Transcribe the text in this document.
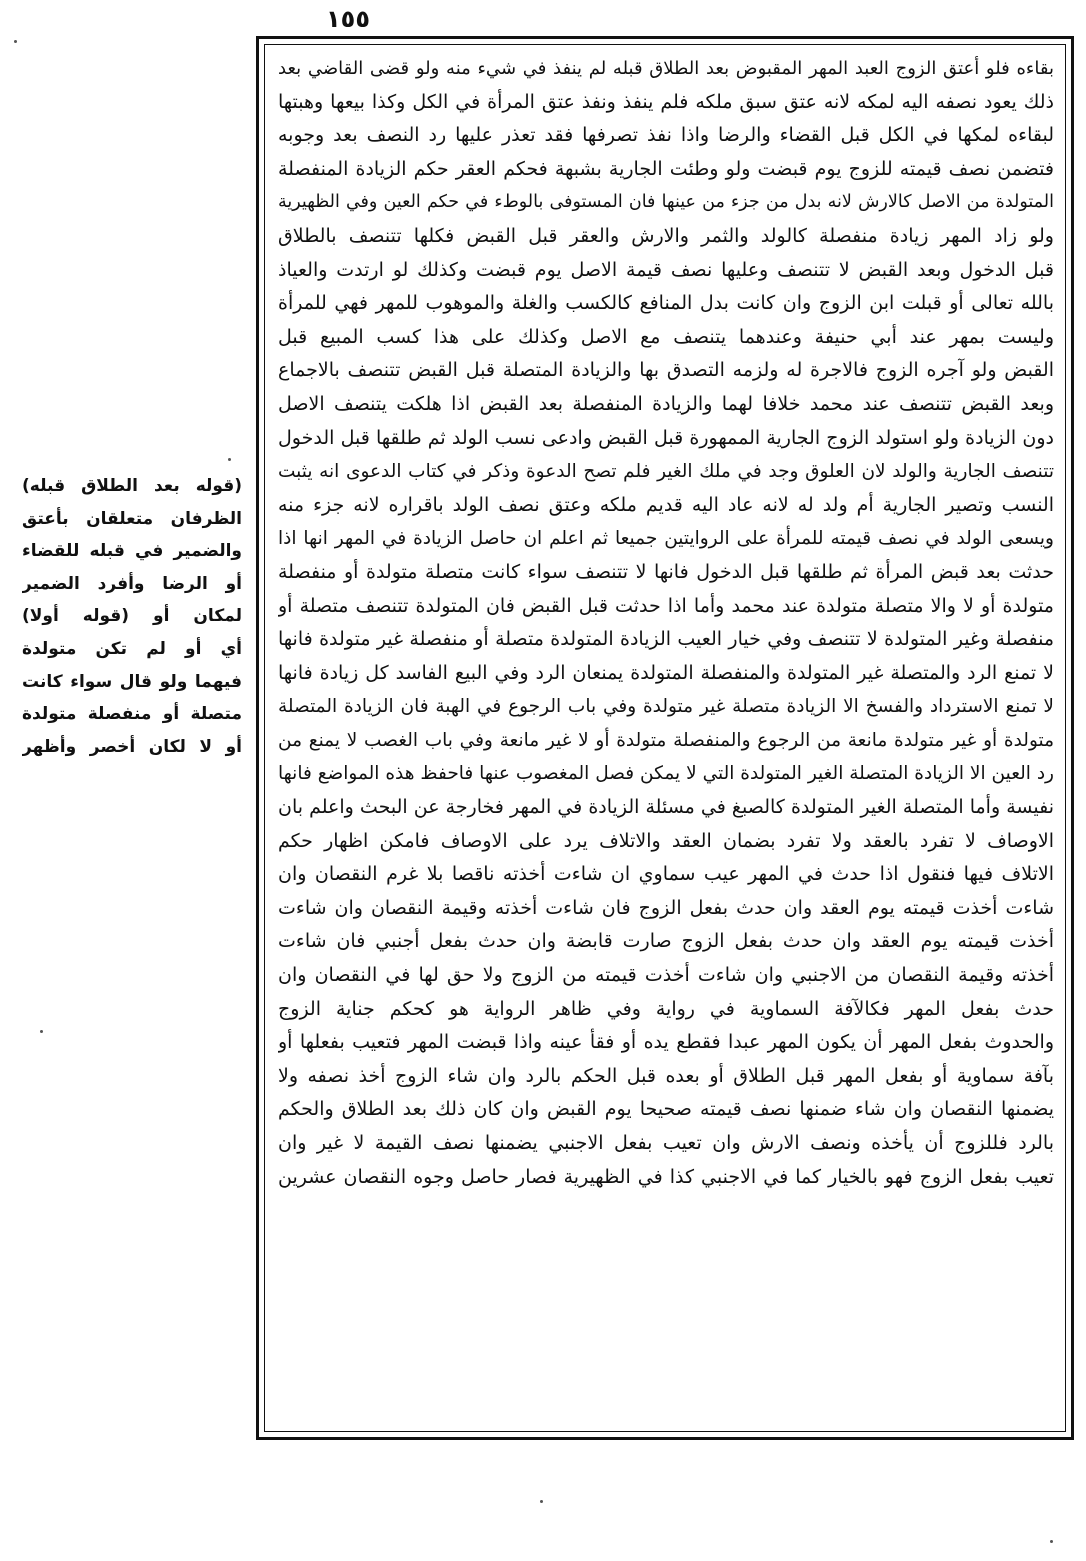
١٥٥
بقاءه فلو أعتق الزوج العبد المهر المقبوض بعد الطلاق قبله لم ينفذ في شيء منه ولو قضى القاضي بعد
ذلك يعود نصفه اليه لمكه لانه عتق سبق ملكه فلم ينفذ ونفذ عتق المرأة في الكل وكذا بيعها وهبتها
لبقاءه لمكها في الكل قبل القضاء والرضا واذا نفذ تصرفها فقد تعذر عليها رد النصف بعد وجوبه
فتضمن نصف قيمته للزوج يوم قبضت ولو وطئت الجارية بشبهة فحكم العقر حكم الزيادة المنفصلة
المتولدة من الاصل كالارش لانه بدل من جزء من عينها فان المستوفى بالوطء في حكم العين وفي الظهيرية
ولو زاد المهر زيادة منفصلة كالولد والثمر والارش والعقر قبل القبض فكلها تتنصف بالطلاق
قبل الدخول وبعد القبض لا تتنصف وعليها نصف قيمة الاصل يوم قبضت وكذلك لو ارتدت والعياذ
بالله تعالى أو قبلت ابن الزوج وان كانت بدل المنافع كالكسب والغلة والموهوب للمهر فهي للمرأة
وليست بمهر عند أبي حنيفة وعندهما يتنصف مع الاصل وكذلك على هذا كسب المبيع قبل
القبض ولو آجره الزوج فالاجرة له ولزمه التصدق بها والزيادة المتصلة قبل القبض تتنصف بالاجماع
وبعد القبض تتنصف عند محمد خلافا لهما والزيادة المنفصلة بعد القبض اذا هلكت يتنصف الاصل
دون الزيادة ولو استولد الزوج الجارية الممهورة قبل القبض وادعى نسب الولد ثم طلقها قبل الدخول
تتنصف الجارية والولد لان العلوق وجد في ملك الغير فلم تصح الدعوة وذكر في كتاب الدعوى انه يثبت
النسب وتصير الجارية أم ولد له لانه عاد اليه قديم ملكه وعتق نصف الولد باقراره لانه جزء منه
ويسعى الولد في نصف قيمته للمرأة على الروايتين جميعا ثم اعلم ان حاصل الزيادة في المهر انها اذا
حدثت بعد قبض المرأة ثم طلقها قبل الدخول فانها لا تتنصف سواء كانت متصلة متولدة أو منفصلة
متولدة أو لا والا متصلة متولدة عند محمد وأما اذا حدثت قبل القبض فان المتولدة تتنصف متصلة أو
منفصلة وغير المتولدة لا تتنصف وفي خيار العيب الزيادة المتولدة متصلة أو منفصلة غير متولدة فانها
لا تمنع الرد والمتصلة غير المتولدة والمنفصلة المتولدة يمنعان الرد وفي البيع الفاسد كل زيادة فانها
لا تمنع الاسترداد والفسخ الا الزيادة متصلة غير متولدة وفي باب الرجوع في الهبة فان الزيادة المتصلة
متولدة أو غير متولدة مانعة من الرجوع والمنفصلة متولدة أو لا غير مانعة وفي باب الغصب لا يمنع من
رد العين الا الزيادة المتصلة الغير المتولدة التي لا يمكن فصل المغصوب عنها فاحفظ هذه المواضع فانها
نفيسة وأما المتصلة الغير المتولدة كالصبغ في مسئلة الزيادة في المهر فخارجة عن البحث واعلم بان
الاوصاف لا تفرد بالعقد ولا تفرد بضمان العقد والاتلاف يرد على الاوصاف فامكن اظهار حكم
الاتلاف فيها فنقول اذا حدث في المهر عيب سماوي ان شاءت أخذته ناقصا بلا غرم النقصان وان
شاءت أخذت قيمته يوم العقد وان حدث بفعل الزوج فان شاءت أخذته وقيمة النقصان وان شاءت
أخذت قيمته يوم العقد وان حدث بفعل الزوج صارت قابضة وان حدث بفعل أجنبي فان شاءت
أخذته وقيمة النقصان من الاجنبي وان شاءت أخذت قيمته من الزوج ولا حق لها في النقصان وان
حدث بفعل المهر فكالآفة السماوية في رواية وفي ظاهر الرواية هو كحكم جناية الزوج
والحدوث بفعل المهر أن يكون المهر عبدا فقطع يده أو فقأ عينه واذا قبضت المهر فتعيب بفعلها أو
بآفة سماوية أو بفعل المهر قبل الطلاق أو بعده قبل الحكم بالرد وان شاء الزوج أخذ نصفه ولا
يضمنها النقصان وان شاء ضمنها نصف قيمته صحيحا يوم القبض وان كان ذلك بعد الطلاق والحكم
بالرد فللزوج أن يأخذه ونصف الارش وان تعيب بفعل الاجنبي يضمنها نصف القيمة لا غير وان
تعيب بفعل الزوج فهو بالخيار كما في الاجنبي كذا في الظهيرية فصار حاصل وجوه النقصان عشرين
(قوله بعد الطلاق قبله)
الظرفان متعلقان بأعتق
والضمير في قبله للقضاء
أو الرضا وأفرد الضمير
لمكان أو (قوله أولا)
أي أو لم تكن متولدة
فيهما ولو قال سواء كانت
متصلة أو منفصلة متولدة
أو لا لكان أخصر وأظهر
